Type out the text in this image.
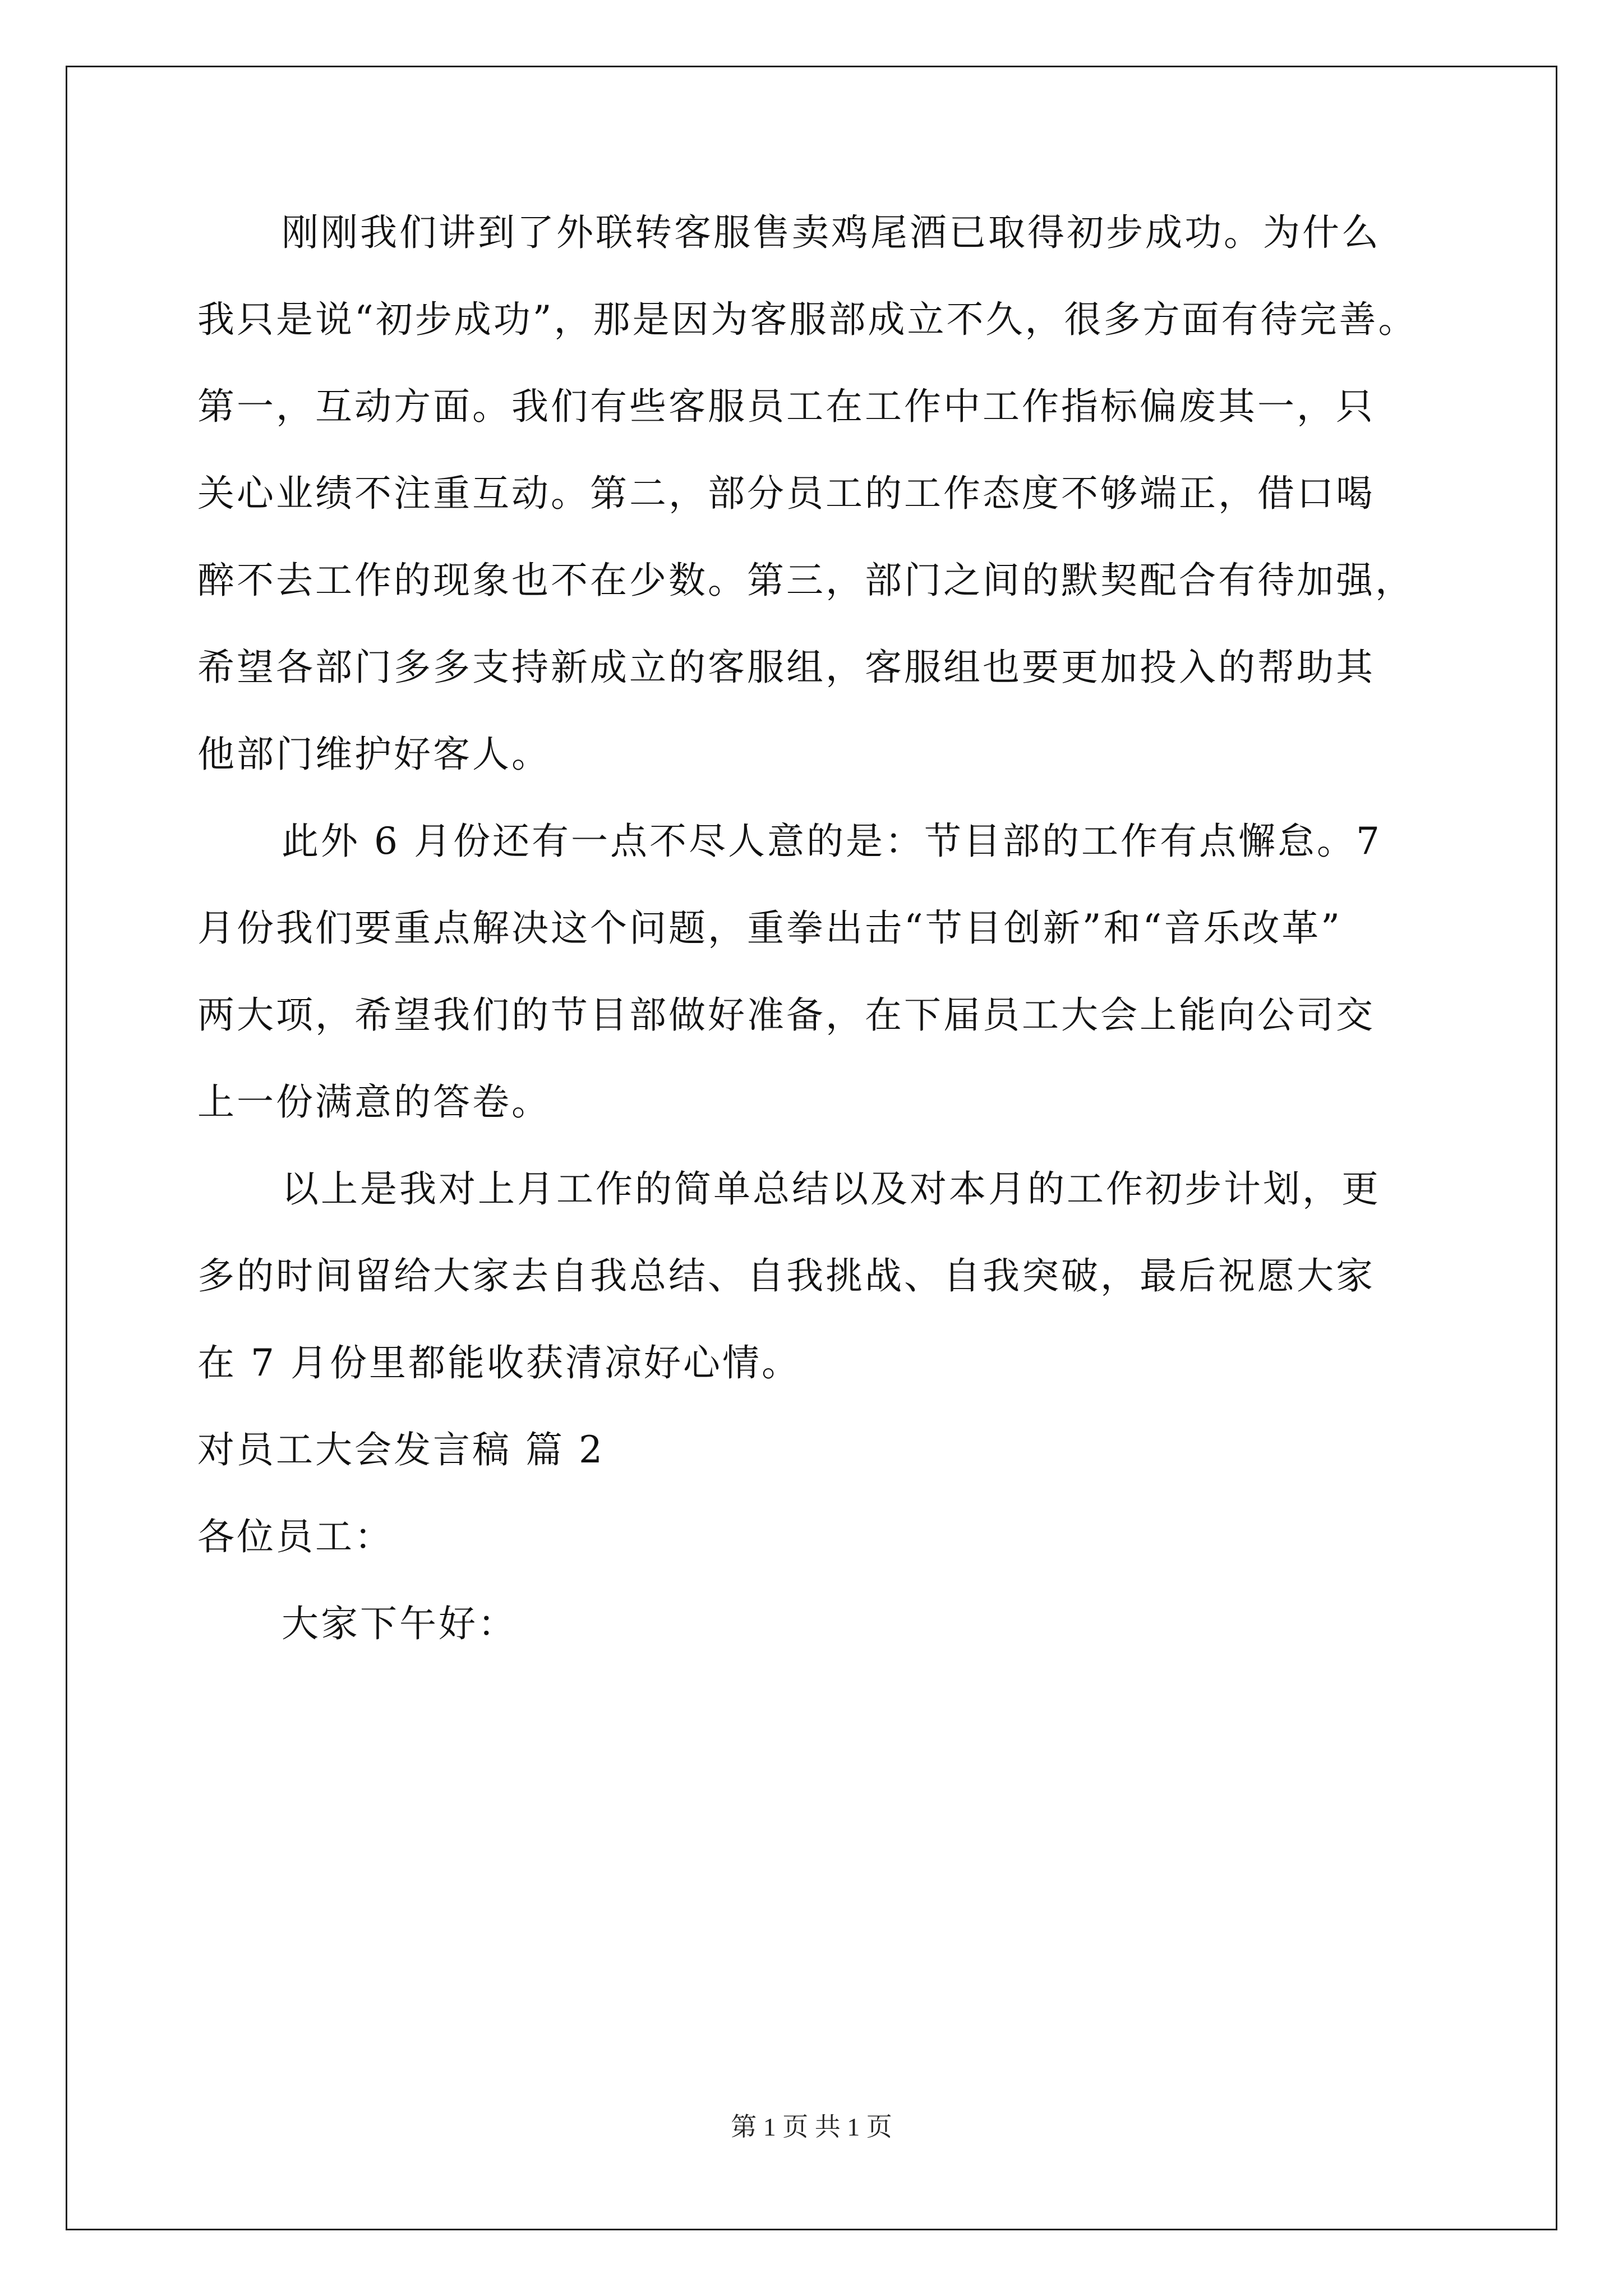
刚刚我们讲到了外联转客服售卖鸡尾酒已取得初步成功。为什么
我只是说“初步成功”，那是因为客服部成立不久，很多方面有待完善。
第一，互动方面。我们有些客服员工在工作中工作指标偏废其一，只
关心业绩不注重互动。第二，部分员工的工作态度不够端正，借口喝
醉不去工作的现象也不在少数。第三，部门之间的默契配合有待加强，
希望各部门多多支持新成立的客服组，客服组也要更加投入的帮助其
他部门维护好客人。
此外 6 月份还有一点不尽人意的是：节目部的工作有点懈怠。7
月份我们要重点解决这个问题，重拳出击“节目创新”和“音乐改革”
两大项，希望我们的节目部做好准备，在下届员工大会上能向公司交
上一份满意的答卷。
以上是我对上月工作的简单总结以及对本月的工作初步计划，更
多的时间留给大家去自我总结、自我挑战、自我突破，最后祝愿大家
在 7 月份里都能收获清凉好心情。
对员工大会发言稿 篇 2
各位员工：
大家下午好：
第 1 页 共 1 页
